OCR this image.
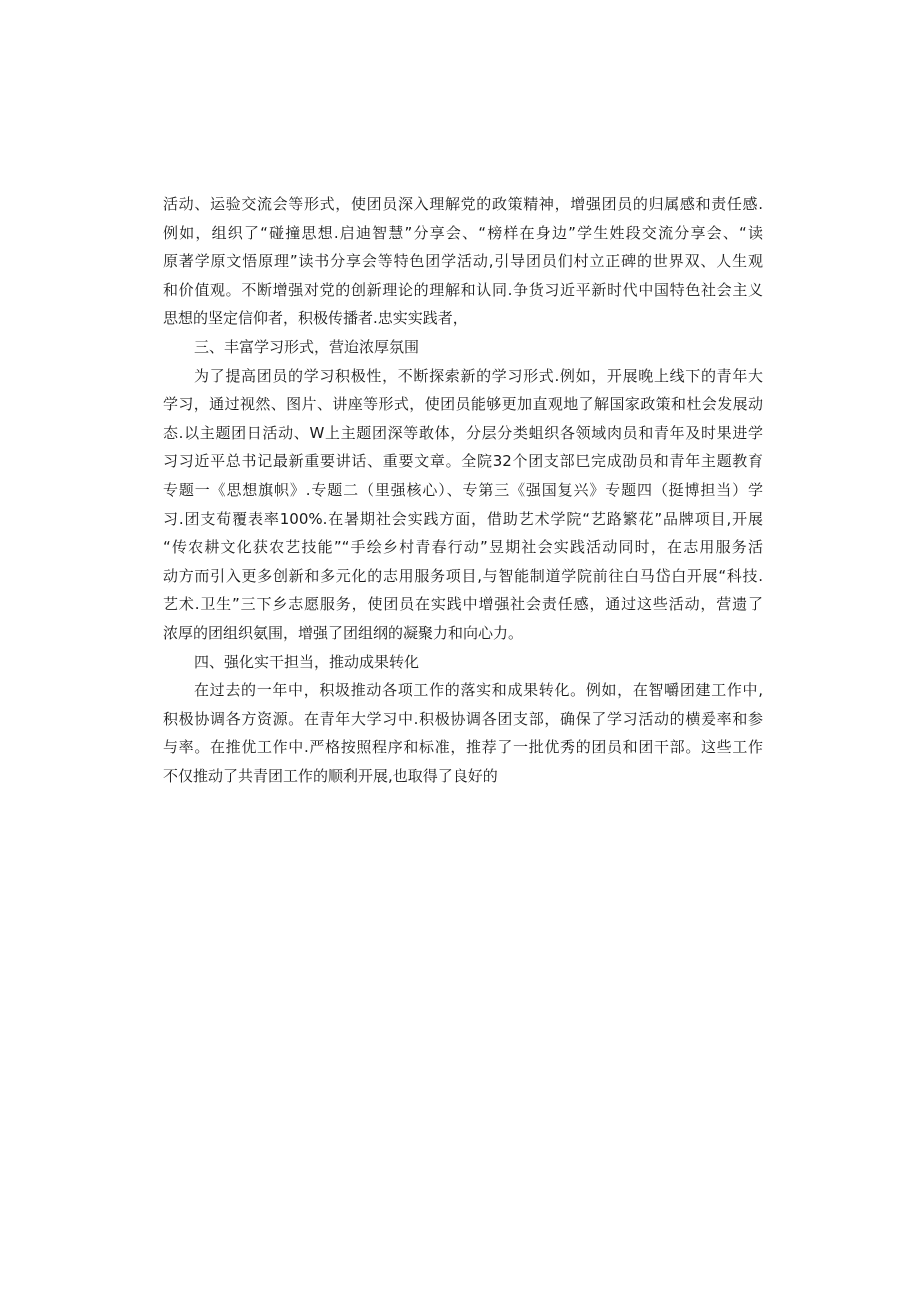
活动、运验交流会等形式，使团员深入理解党的政策精神，增强团员的归属感和责任感.
例如，组织了“碰撞思想.启迪智慧”分享会、“榜样在身边”学生姓段交流分享会、“读
原著学原文悟原理”读书分享会等特色团学活动,引导团员们村立正碑的世界双、人生观
和价值观。不断增强对党的创新理论的理解和认同.争货习近平新时代中国特色社会主义
思想的坚定信仰者，积极传播者.忠实实践者，
三、丰富学习形式，营迨浓厚氛围
为了提高团员的学习积极性，不断探索新的学习形式.例如，开展晚上线下的青年大
学习，通过视然、图片、讲座等形式，使团员能够更加直观地了解国家政策和杜会发展动
态.以主题团日活动、W上主题团深等敢体，分层分类蛆织各领域肉员和青年及时果进学
习习近平总书记最新重要讲话、重要文章。全院32个团支部巳完成劭员和青年主题教育
专题一《思想旗帜》.专题二（里强核心）、专第三《强国复兴》专题四（挺博担当）学
习.团支荀覆表率100%.在暑期社会实践方面，借助艺术学院“艺路繁花”品牌项目,开展
“传农耕文化获农艺技能”“手绘乡村青春行动”昱期社会实践活动同时，在志用服务活
动方而引入更多创新和多元化的志用服务项目,与智能制道学院前往白马岱白开展“科技.
艺术.卫生”三下乡志愿服务，使团员在实践中增强社会责任感，通过这些活动，营遗了
浓厚的团组织氨围，增强了团组纲的凝聚力和向心力。
四、强化实干担当，推动成果转化
在过去的一年中，积圾推动各项工作的落实和成果转化。例如，在智嚼团建工作中,
积极协调各方资源。在青年大学习中.积极协调各团支部，确保了学习活动的横爰率和参
与率。在推优工作中.严格按照程序和标准，推荐了一批优秀的团员和团干部。这些工作
不仅推动了共青团工作的顺利开展,也取得了良好的
